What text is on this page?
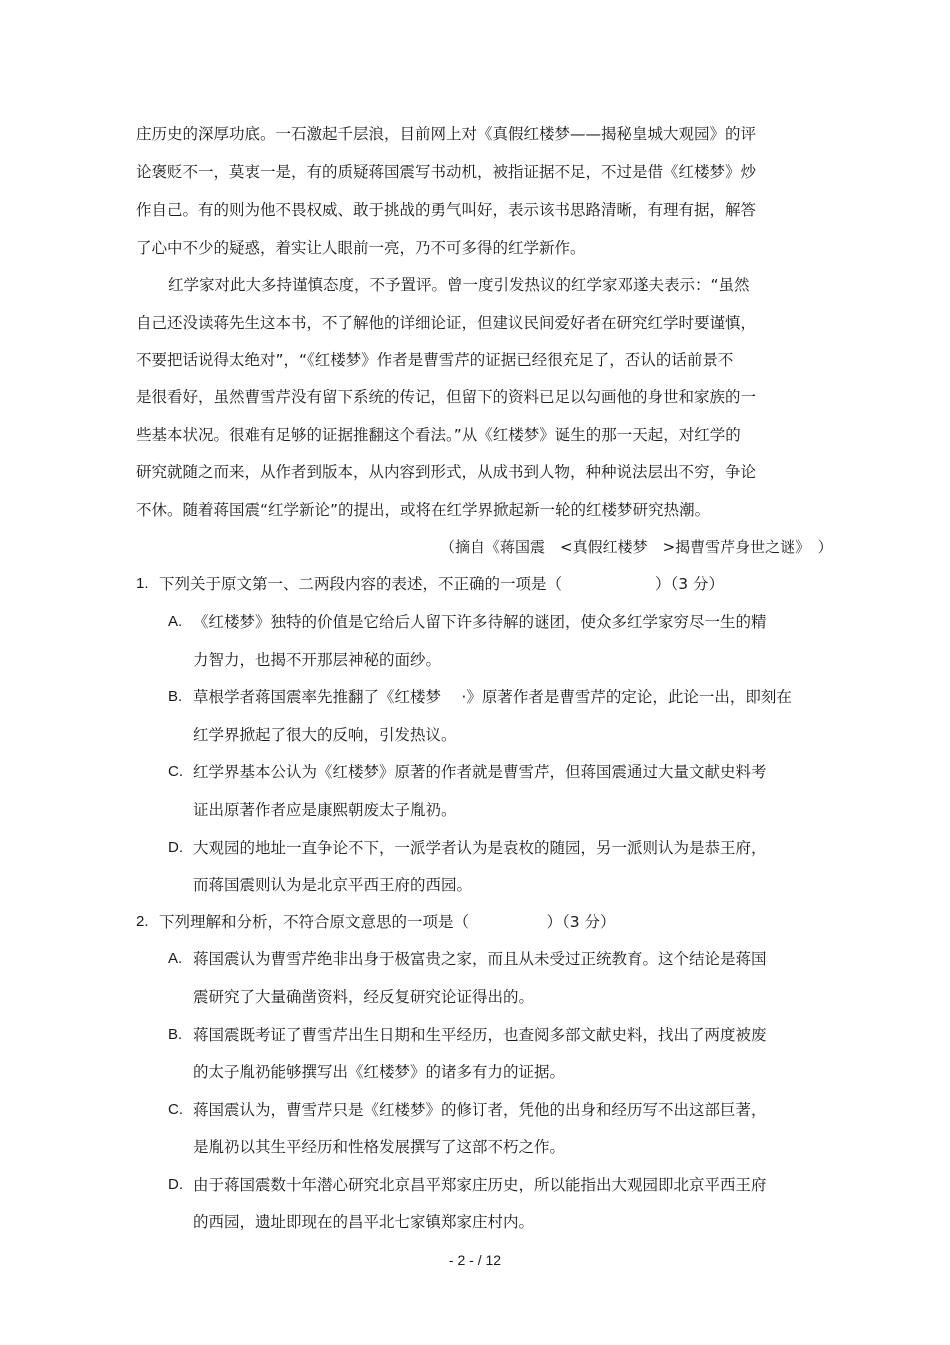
庄历史的深厚功底。一石激起千层浪，目前网上对《真假红楼梦——揭秘皇城大观园》的评
论褒贬不一，莫衷一是，有的质疑蒋国震写书动机，被指证据不足，不过是借《红楼梦》炒
作自己。有的则为他不畏权威、敢于挑战的勇气叫好，表示该书思路清晰，有理有据，解答
了心中不少的疑惑，着实让人眼前一亮，乃不可多得的红学新作。
红学家对此大多持谨慎态度，不予置评。曾一度引发热议的红学家邓遂夫表示：“虽然
自己还没读蒋先生这本书，不了解他的详细论证，但建议民间爱好者在研究红学时要谨慎，
不要把话说得太绝对”，“《红楼梦》作者是曹雪芹的证据已经很充足了，否认的话前景不
是很看好，虽然曹雪芹没有留下系统的传记，但留下的资料已足以勾画他的身世和家族的一
些基本状况。很难有足够的证据推翻这个看法。”从《红楼梦》诞生的那一天起，对红学的
研究就随之而来，从作者到版本，从内容到形式，从成书到人物，种种说法层出不穷，争论
不休。随着蒋国震“红学新论”的提出，或将在红学界掀起新一轮的红楼梦研究热潮。
（摘自《蒋国震　<真假红楼梦　>揭曹雪芹身世之谜》　）
1. 下列关于原文第一、二两段内容的表述，不正确的一项是（　　　　　　）（3 分）
A. 《红楼梦》独特的价值是它给后人留下许多待解的谜团，使众多红学家穷尽一生的精
力智力，也揭不开那层神秘的面纱。
B. 草根学者蒋国震率先推翻了《红楼梦　 ·》原著作者是曹雪芹的定论，此论一出，即刻在
红学界掀起了很大的反响，引发热议。
C. 红学界基本公认为《红楼梦》原著的作者就是曹雪芹，但蒋国震通过大量文献史料考
证出原著作者应是康熙朝废太子胤礽。
D. 大观园的地址一直争论不下，一派学者认为是袁枚的随园，另一派则认为是恭王府，
而蒋国震则认为是北京平西王府的西园。
2. 下列理解和分析，不符合原文意思的一项是（　　　　　）（3 分）
A. 蒋国震认为曹雪芹绝非出身于极富贵之家，而且从未受过正统教育。这个结论是蒋国
震研究了大量确凿资料，经反复研究论证得出的。
B. 蒋国震既考证了曹雪芹出生日期和生平经历，也查阅多部文献史料，找出了两度被废
的太子胤礽能够撰写出《红楼梦》的诸多有力的证据。
C. 蒋国震认为，曹雪芹只是《红楼梦》的修订者，凭他的出身和经历写不出这部巨著，
是胤礽以其生平经历和性格发展撰写了这部不朽之作。
D. 由于蒋国震数十年潜心研究北京昌平郑家庄历史，所以能指出大观园即北京平西王府
的西园，遗址即现在的昌平北七家镇郑家庄村内。
- 2 - / 12
